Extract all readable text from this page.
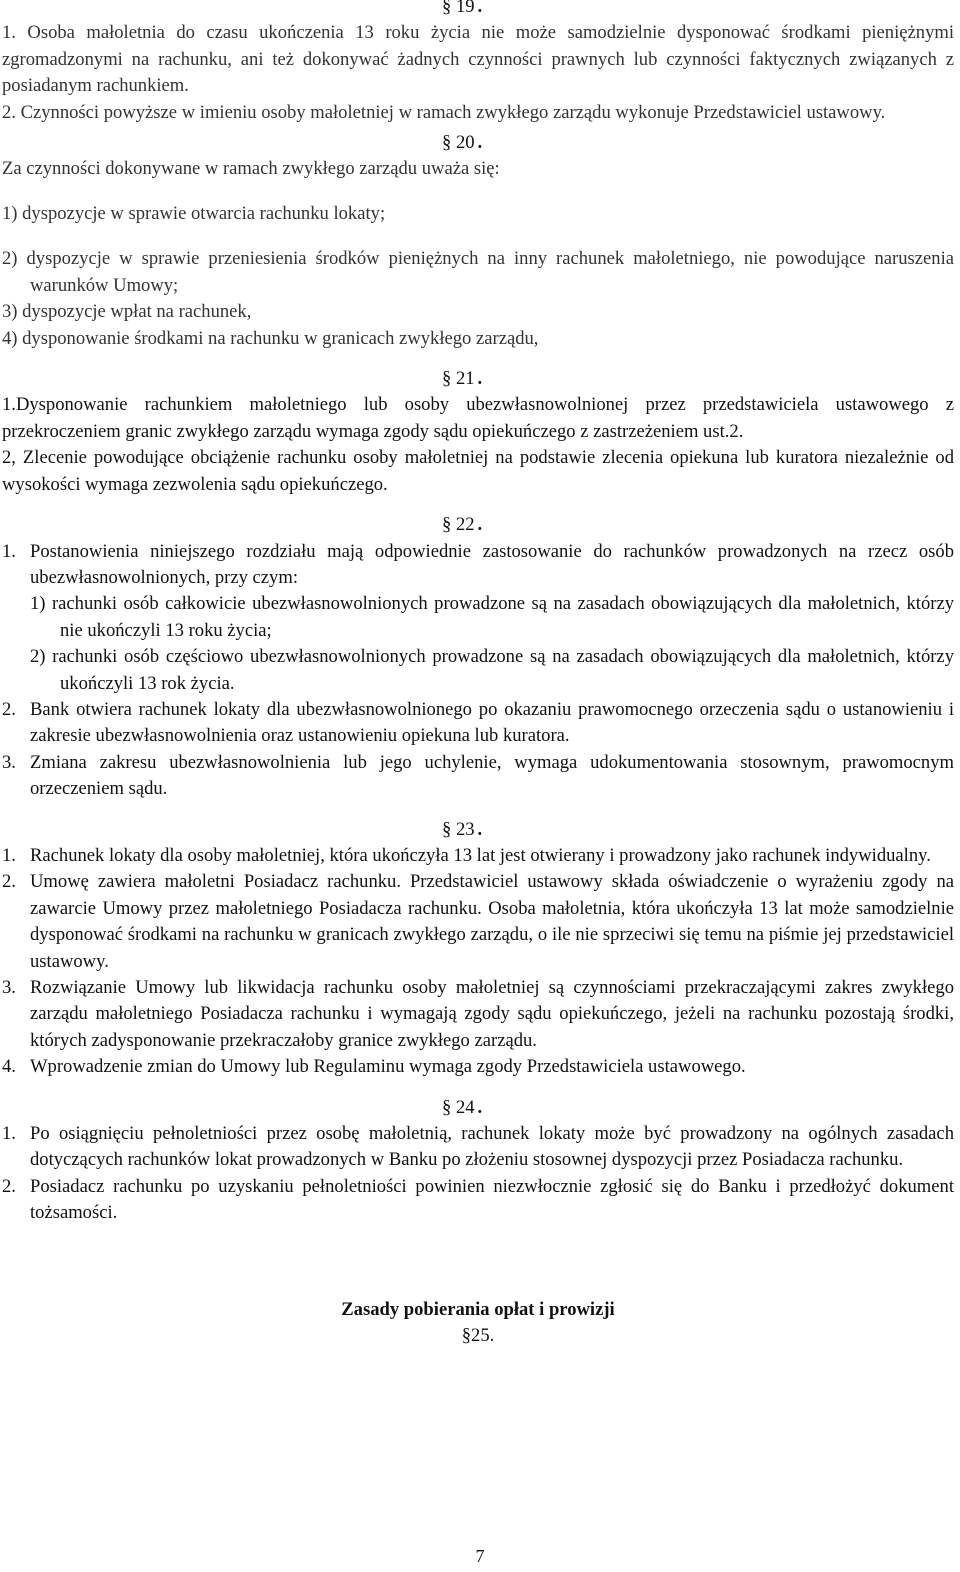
§ 19 .

1. Osoba małoletnia do czasu ukończenia 13 roku życia nie może samodzielnie dysponować środkami pieniężnymi zgromadzonymi na rachunku, ani też dokonywać żadnych czynności prawnych lub czynności faktycznych związanych z posiadanym rachunkiem.

2. Czynności powyższe w imieniu osoby małoletniej w ramach zwykłego zarządu wykonuje Przedstawiciel ustawowy.

§ 20 .

Za czynności dokonywane w ramach zwykłego zarządu uważa się:

1) dyspozycje w sprawie otwarcia rachunku lokaty;

2) dyspozycje w sprawie przeniesienia środków pieniężnych na inny rachunek małoletniego, nie powodujące naruszenia warunków Umowy;

3) dyspozycje wpłat na rachunek,

4) dysponowanie środkami na rachunku w granicach zwykłego zarządu,

§ 21 .

1.Dysponowanie rachunkiem małoletniego lub osoby ubezwłasnowolnionej przez przedstawiciela ustawowego z przekroczeniem granic zwykłego zarządu wymaga zgody sądu opiekuńczego z zastrzeżeniem ust.2.

2, Zlecenie powodujące obciążenie rachunku osoby małoletniej na podstawie zlecenia opiekuna lub kuratora niezależnie od wysokości wymaga zezwolenia sądu opiekuńczego.

§ 22 .

1. Postanowienia niniejszego rozdziału mają odpowiednie zastosowanie do rachunków prowadzonych na rzecz osób ubezwłasnowolnionych, przy czym:

1) rachunki osób całkowicie ubezwłasnowolnionych prowadzone są na zasadach obowiązujących dla małoletnich, którzy nie ukończyli 13 roku życia;

2) rachunki osób częściowo ubezwłasnowolnionych prowadzone są na zasadach obowiązujących dla małoletnich, którzy ukończyli 13 rok życia.

2. Bank otwiera rachunek lokaty dla ubezwłasnowolnionego po okazaniu prawomocnego orzeczenia sądu o ustanowieniu i zakresie ubezwłasnowolnienia oraz ustanowieniu opiekuna lub kuratora.
3. Zmiana zakresu ubezwłasnowolnienia lub jego uchylenie, wymaga udokumentowania stosownym, prawomocnym orzeczeniem sądu.

§ 23 .

1. Rachunek lokaty dla osoby małoletniej, która ukończyła 13 lat jest otwierany i prowadzony jako rachunek indywidualny.
2. Umowę zawiera małoletni Posiadacz rachunku. Przedstawiciel ustawowy składa oświadczenie o wyrażeniu zgody na zawarcie Umowy przez małoletniego Posiadacza rachunku. Osoba małoletnia, która ukończyła 13 lat może samodzielnie dysponować środkami na rachunku w granicach zwykłego zarządu, o ile nie sprzeciwi się temu na piśmie jej przedstawiciel ustawowy.
3. Rozwiązanie Umowy lub likwidacja rachunku osoby małoletniej są czynnościami przekraczającymi zakres zwykłego zarządu małoletniego Posiadacza rachunku i wymagają zgody sądu opiekuńczego, jeżeli na rachunku pozostają środki, których zadysponowanie przekraczałoby granice zwykłego zarządu.
4. Wprowadzenie zmian do Umowy lub Regulaminu wymaga zgody Przedstawiciela ustawowego.

§ 24 .

1. Po osiągnięciu pełnoletniości przez osobę małoletnią, rachunek lokaty może być prowadzony na ogólnych zasadach dotyczących rachunków lokat prowadzonych w Banku po złożeniu stosownej dyspozycji przez Posiadacza rachunku.
2. Posiadacz rachunku po uzyskaniu pełnoletniości powinien niezwłocznie zgłosić się do Banku i przedłożyć dokument tożsamości.

Zasady pobierania opłat i prowizji

§25.

7
